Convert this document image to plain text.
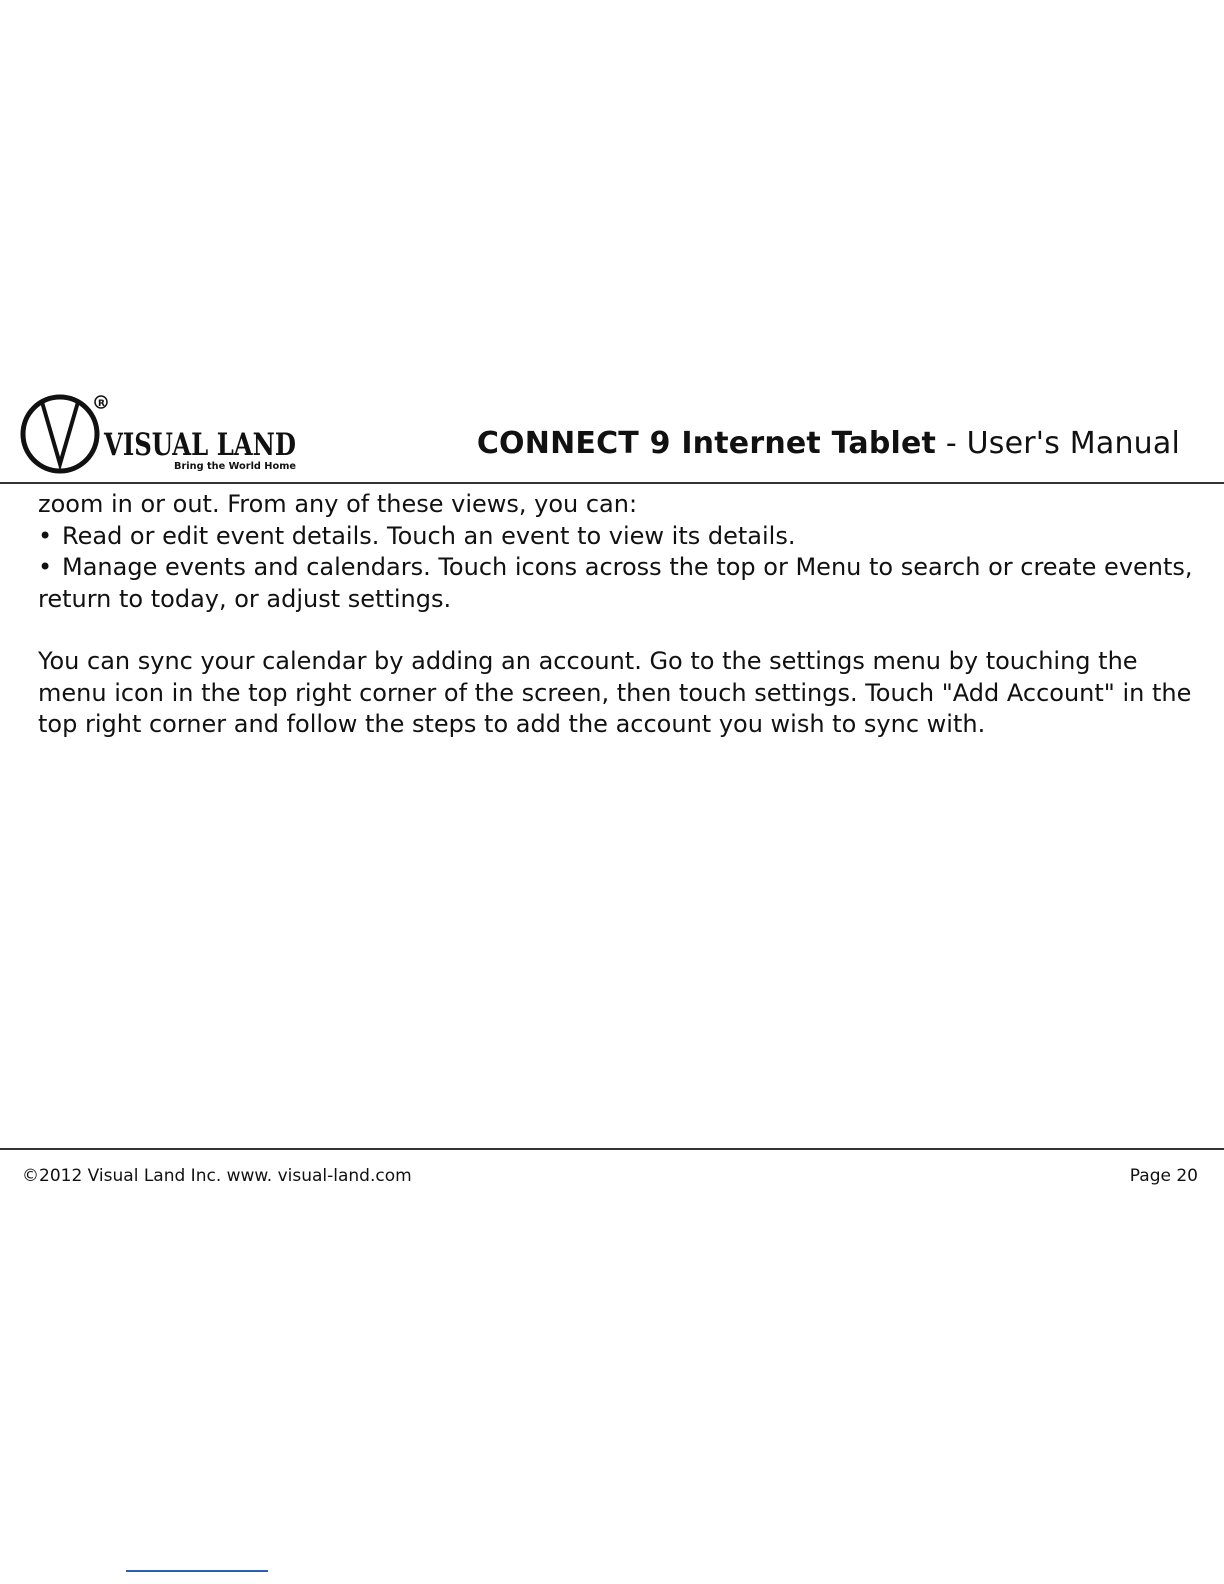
R
VISUAL LAND
Bring the World Home
CONNECT 9 Internet Tablet - User's Manual

zoom in or out. From any of these views, you can:

• Read or edit event details. Touch an event to view its details.

• Manage events and calendars. Touch icons across the top or Menu to search or create events, return to today, or adjust settings.

You can sync your calendar by adding an account. Go to the settings menu by touching the menu icon in the top right corner of the screen, then touch settings. Touch "Add Account" in the top right corner and follow the steps to add the account you wish to sync with.

©2012 Visual Land Inc. www. visual-land.com	Page 20
